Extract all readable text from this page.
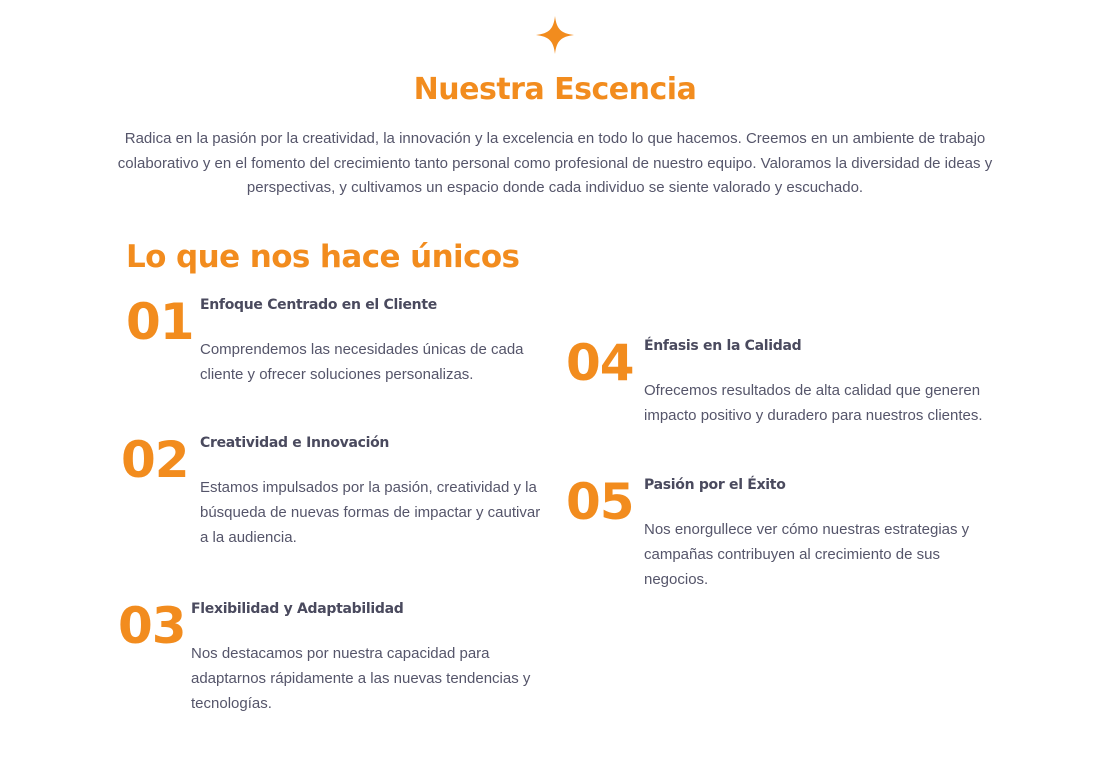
Nuestra Escencia

Radica en la pasión por la creatividad, la innovación y la excelencia en todo lo que hacemos. Creemos en un ambiente de trabajo colaborativo y en el fomento del crecimiento tanto personal como profesional de nuestro equipo. Valoramos la diversidad de ideas y perspectivas, y cultivamos un espacio donde cada individuo se siente valorado y escuchado.

Lo que nos hace únicos
01 Enfoque Centrado en el Cliente

Comprendemos las necesidades únicas de cada cliente y ofrecer soluciones personalizas.

02 Creatividad e Innovación

Estamos impulsados por la pasión, creatividad y la búsqueda de nuevas formas de impactar y cautivar a la audiencia.

03 Flexibilidad y Adaptabilidad

Nos destacamos por nuestra capacidad para adaptarnos rápidamente a las nuevas tendencias y tecnologías.

04 Énfasis en la Calidad

Ofrecemos resultados de alta calidad que generen impacto positivo y duradero para nuestros clientes.

05 Pasión por el Éxito

Nos enorgullece ver cómo nuestras estrategias y campañas contribuyen al crecimiento de sus negocios.
